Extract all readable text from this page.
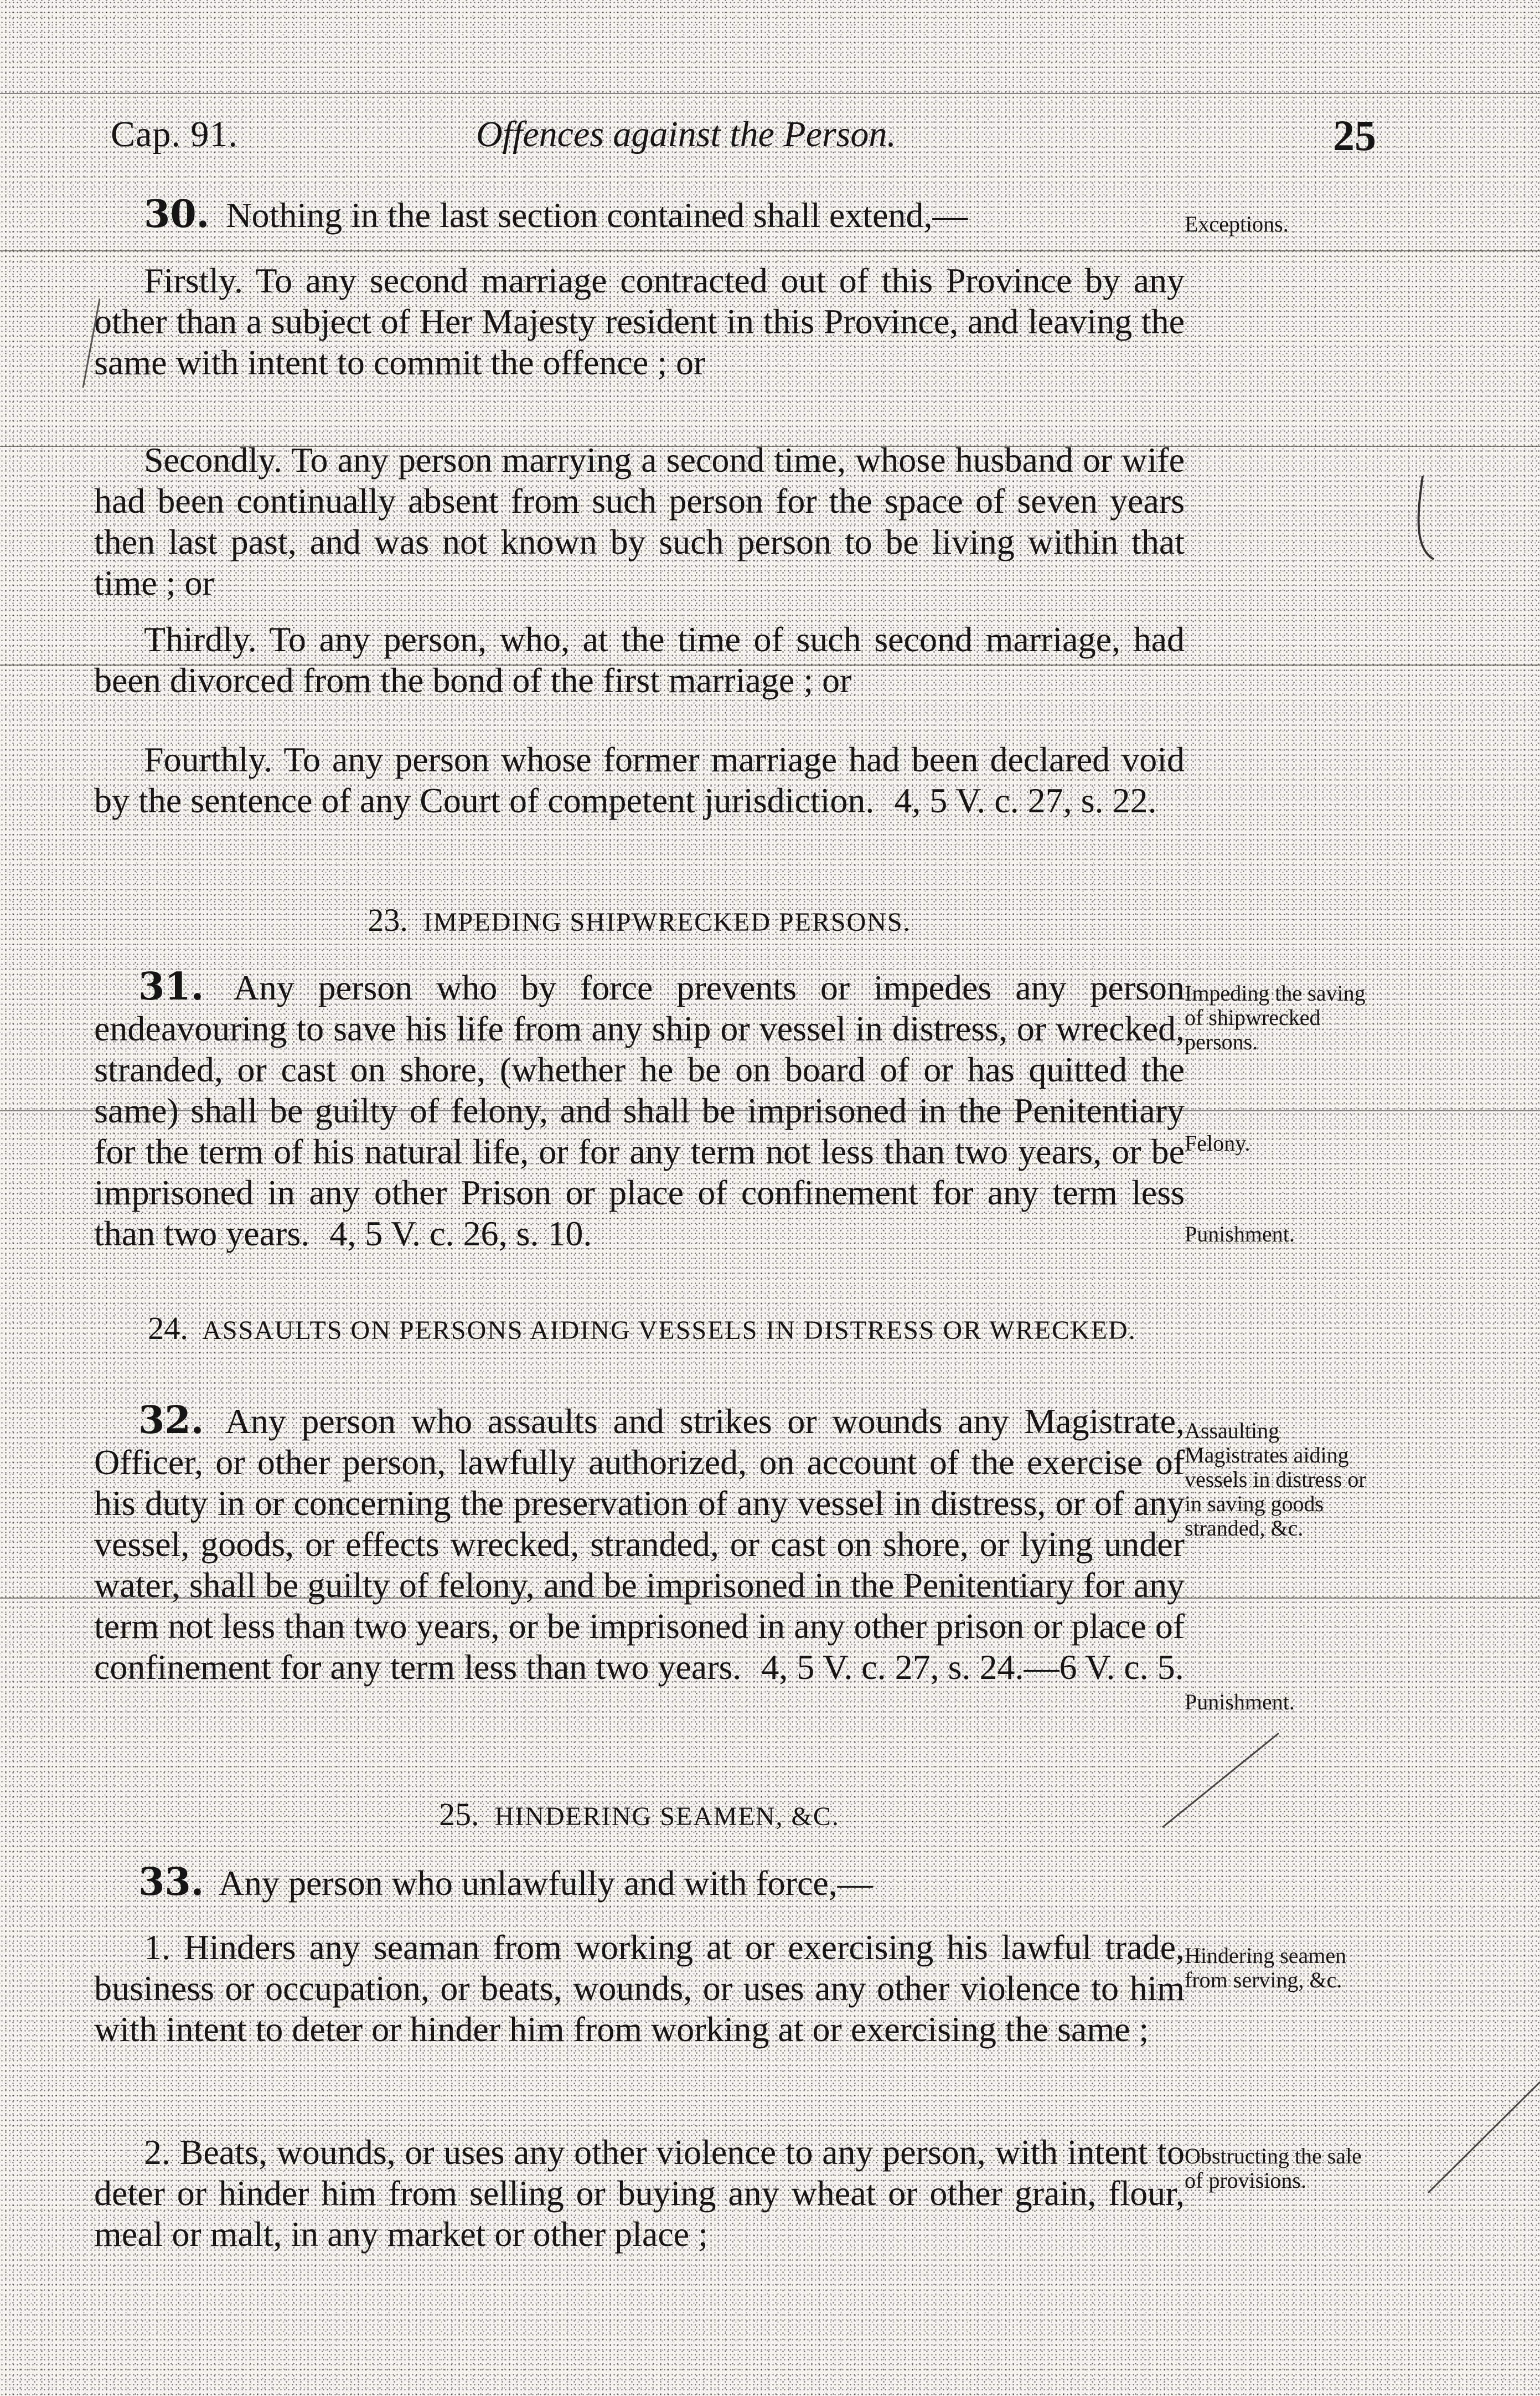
Cap. 91.	Offences against the Person.	25

30. Nothing in the last section contained shall extend,—	Exceptions.

Firstly. To any second marriage contracted out of this Province by any other than a subject of Her Majesty resident in this Province, and leaving the same with intent to commit the offence ; or

Secondly. To any person marrying a second time, whose husband or wife had been continually absent from such person for the space of seven years then last past, and was not known by such person to be living within that time ; or

Thirdly. To any person, who, at the time of such second marriage, had been divorced from the bond of the first marriage ; or

Fourthly. To any person whose former marriage had been declared void by the sentence of any Court of competent jurisdiction. 4, 5 V. c. 27, s. 22.

23. IMPEDING SHIPWRECKED PERSONS.

31. Any person who by force prevents or impedes any person endeavouring to save his life from any ship or vessel in distress, or wrecked, stranded, or cast on shore, (whether he be on board of or has quitted the same) shall be guilty of felony, and shall be imprisoned in the Penitentiary for the term of his natural life, or for any term not less than two years, or be imprisoned in any other Prison or place of confinement for any term less than two years. 4, 5 V. c. 26, s. 10.

Impeding the saving of shipwrecked persons.

Felony.

Punishment.

24. ASSAULTS ON PERSONS AIDING VESSELS IN DISTRESS OR WRECKED.

32. Any person who assaults and strikes or wounds any Magistrate, Officer, or other person, lawfully authorized, on account of the exercise of his duty in or concerning the preservation of any vessel in distress, or of any vessel, goods, or effects wrecked, stranded, or cast on shore, or lying under water, shall be guilty of felony, and be imprisoned in the Penitentiary for any term not less than two years, or be imprisoned in any other prison or place of confinement for any term less than two years. 4, 5 V. c. 27, s. 24.—6 V. c. 5.

Assaulting Magistrates aiding vessels in distress or in saving goods stranded, &c.

Punishment.

25. HINDERING SEAMEN, &C.

33. Any person who unlawfully and with force,—

1. Hinders any seaman from working at or exercising his lawful trade, business or occupation, or beats, wounds, or uses any other violence to him with intent to deter or hinder him from working at or exercising the same ;

Hindering seamen from serving, &c.

2. Beats, wounds, or uses any other violence to any person, with intent to deter or hinder him from selling or buying any wheat or other grain, flour, meal or malt, in any market or other place ;

Obstructing the sale of provisions.
